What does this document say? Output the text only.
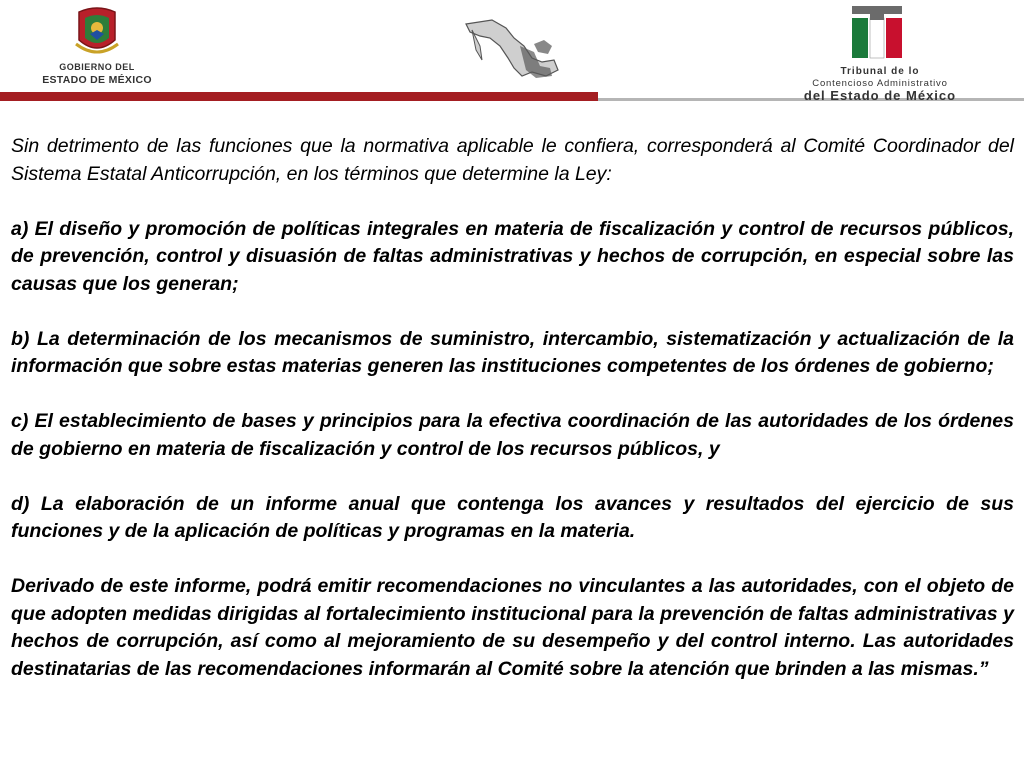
GOBIERNO DEL
ESTADO DE MÉXICO
Tribunal de lo
Contencioso Administrativo
del Estado de México

Sin detrimento de las funciones que la normativa aplicable le confiera, corresponderá al Comité Coordinador del Sistema Estatal Anticorrupción, en los términos que determine la Ley:

a) El diseño y promoción de políticas integrales en materia de fiscalización y control de recursos públicos, de prevención, control y disuasión de faltas administrativas y hechos de corrupción, en especial sobre las causas que los generan;

b) La determinación de los mecanismos de suministro, intercambio, sistematización y actualización de la información que sobre estas materias generen las instituciones competentes de los órdenes de gobierno;

c) El establecimiento de bases y principios para la efectiva coordinación de las autoridades de los órdenes de gobierno en materia de fiscalización y control de los recursos públicos, y

d) La elaboración de un informe anual que contenga los avances y resultados del ejercicio de sus funciones y de la aplicación de políticas y programas en la materia.

Derivado de este informe, podrá emitir recomendaciones no vinculantes a las autoridades, con el objeto de que adopten medidas dirigidas al fortalecimiento institucional para la prevención de faltas administrativas y hechos de corrupción, así como al mejoramiento de su desempeño y del control interno. Las autoridades destinatarias de las recomendaciones informarán al Comité sobre la atención que brinden a las mismas.”
